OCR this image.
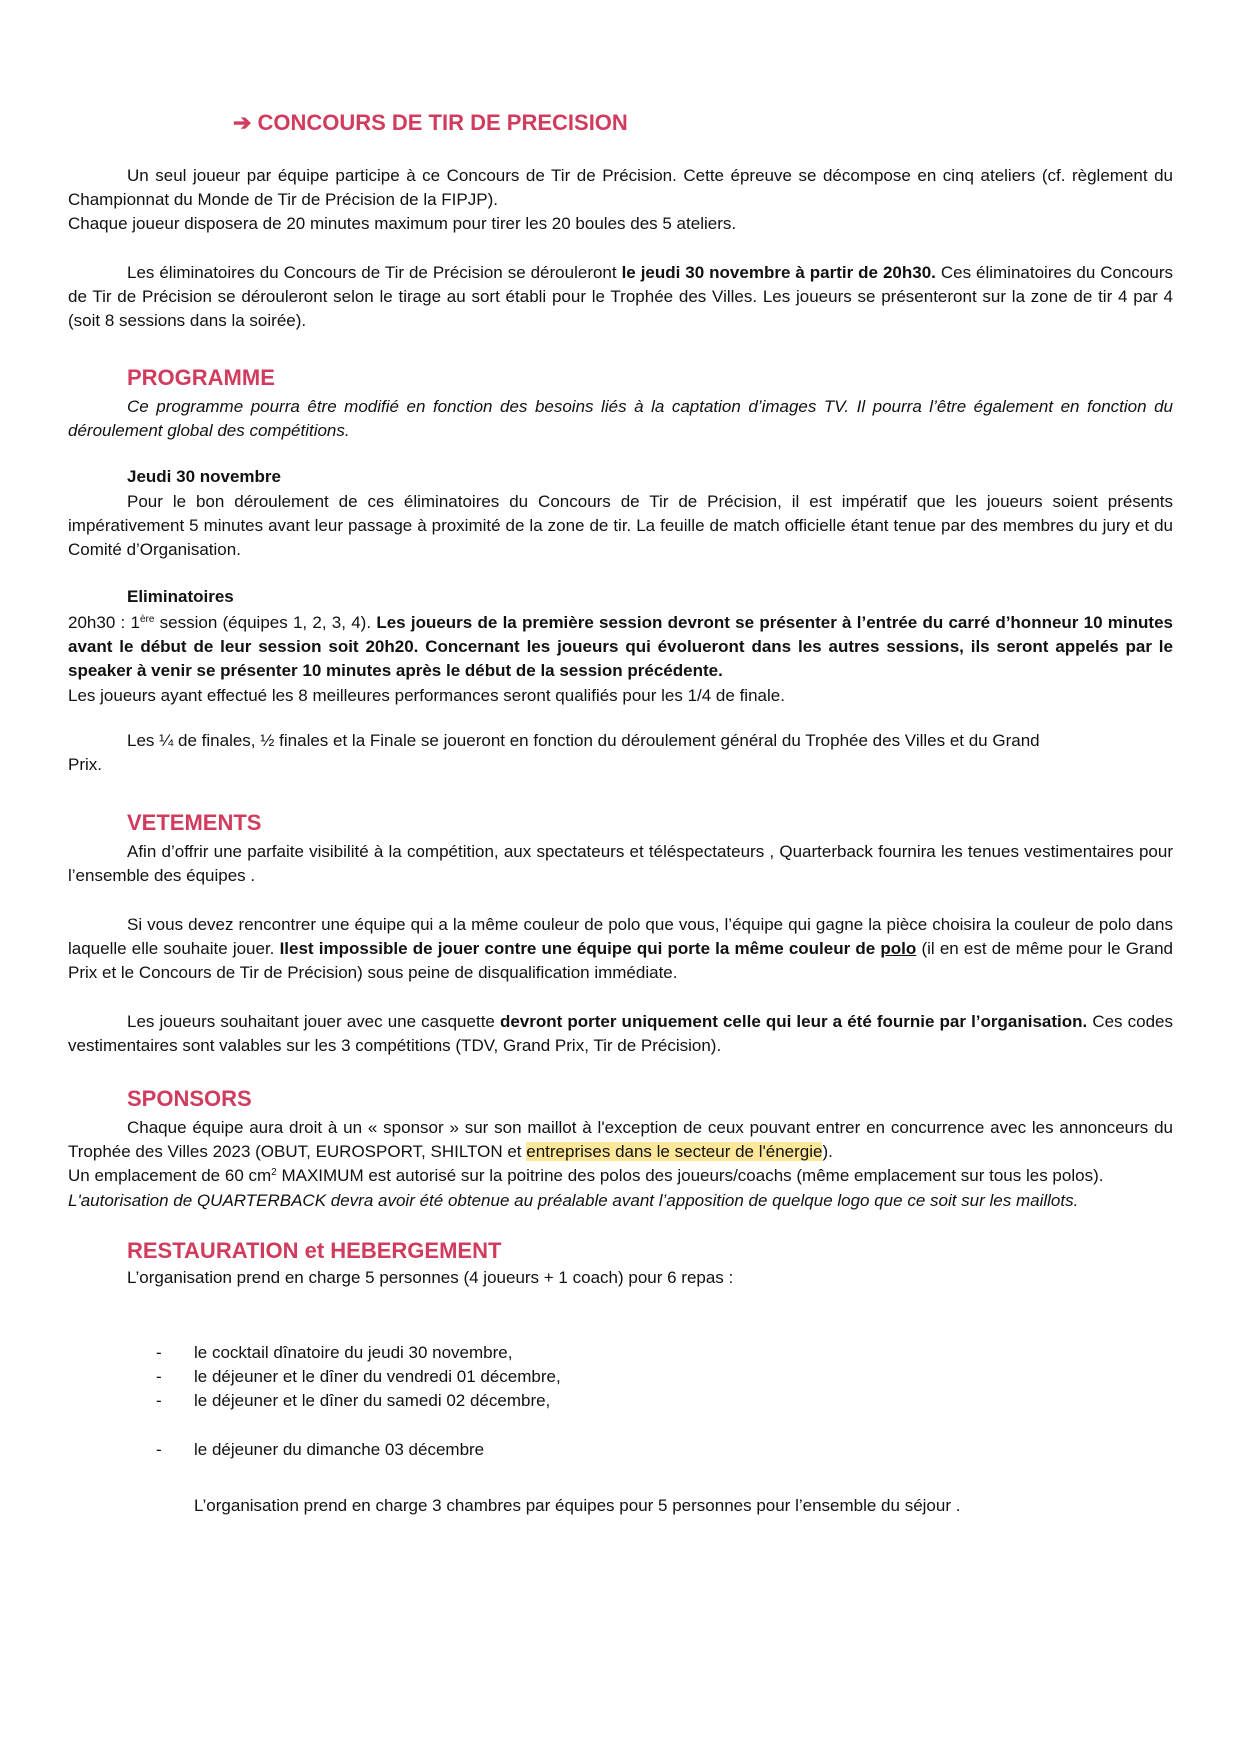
➔ CONCOURS DE TIR DE PRECISION

Un seul joueur par équipe participe à ce Concours de Tir de Précision. Cette épreuve se décompose en cinq ateliers (cf. règlement du Championnat du Monde de Tir de Précision de la FIPJP).

Chaque joueur disposera de 20 minutes maximum pour tirer les 20 boules des 5 ateliers.

Les éliminatoires du Concours de Tir de Précision se dérouleront le jeudi 30 novembre à partir de 20h30. Ces éliminatoires du Concours de Tir de Précision se dérouleront selon le tirage au sort établi pour le Trophée des Villes. Les joueurs se présenteront sur la zone de tir 4 par 4 (soit 8 sessions dans la soirée).

PROGRAMME

Ce programme pourra être modifié en fonction des besoins liés à la captation d’images TV. Il pourra l’être également en fonction du déroulement global des compétitions.

Jeudi 30 novembre

Pour le bon déroulement de ces éliminatoires du Concours de Tir de Précision, il est impératif que les joueurs soient présents impérativement 5 minutes avant leur passage à proximité de la zone de tir. La feuille de match officielle étant tenue par des membres du jury et du Comité d’Organisation.

Eliminatoires

20h30 : 1ère session (équipes 1, 2, 3, 4). Les joueurs de la première session devront se présenter à l’entrée du carré d’honneur 10 minutes avant le début de leur session soit 20h20. Concernant les joueurs qui évolueront dans les autres sessions, ils seront appelés par le speaker à venir se présenter 10 minutes après le début de la session précédente.

Les joueurs ayant effectué les 8 meilleures performances seront qualifiés pour les 1/4 de finale.

Les ¼ de finales, ½ finales et la Finale se joueront en fonction du déroulement général du Trophée des Villes et du Grand
Prix.
VETEMENTS

Afin d’offrir une parfaite visibilité à la compétition, aux spectateurs et téléspectateurs , Quarterback fournira les tenues vestimentaires pour l’ensemble des équipes .

Si vous devez rencontrer une équipe qui a la même couleur de polo que vous, l’équipe qui gagne la pièce choisira la couleur de polo dans laquelle elle souhaite jouer. Ilest impossible de jouer contre une équipe qui porte la même couleur de polo (il en est de même pour le Grand Prix et le Concours de Tir de Précision) sous peine de disqualification immédiate.

Les joueurs souhaitant jouer avec une casquette devront porter uniquement celle qui leur a été fournie par l’organisation. Ces codes vestimentaires sont valables sur les 3 compétitions (TDV, Grand Prix, Tir de Précision).

SPONSORS

Chaque équipe aura droit à un « sponsor » sur son maillot à l'exception de ceux pouvant entrer en concurrence avec les annonceurs du Trophée des Villes 2023 (OBUT, EUROSPORT, SHILTON et entreprises dans le secteur de l'énergie).

Un emplacement de 60 $cm^2$ MAXIMUM est autorisé sur la poitrine des polos des joueurs/coachs (même emplacement sur tous les polos).

L'autorisation de QUARTERBACK devra avoir été obtenue au préalable avant l’apposition de quelque logo que ce soit sur les maillots.

RESTAURATION et HEBERGEMENT
L’organisation prend en charge 5 personnes (4 joueurs + 1 coach) pour 6 repas :
- le cocktail dînatoire du jeudi 30 novembre,
- le déjeuner et le dîner du vendredi 01 décembre,
- le déjeuner et le dîner du samedi 02 décembre,
- le déjeuner du dimanche 03 décembre
L’organisation prend en charge 3 chambres par équipes pour 5 personnes pour l’ensemble du séjour .
